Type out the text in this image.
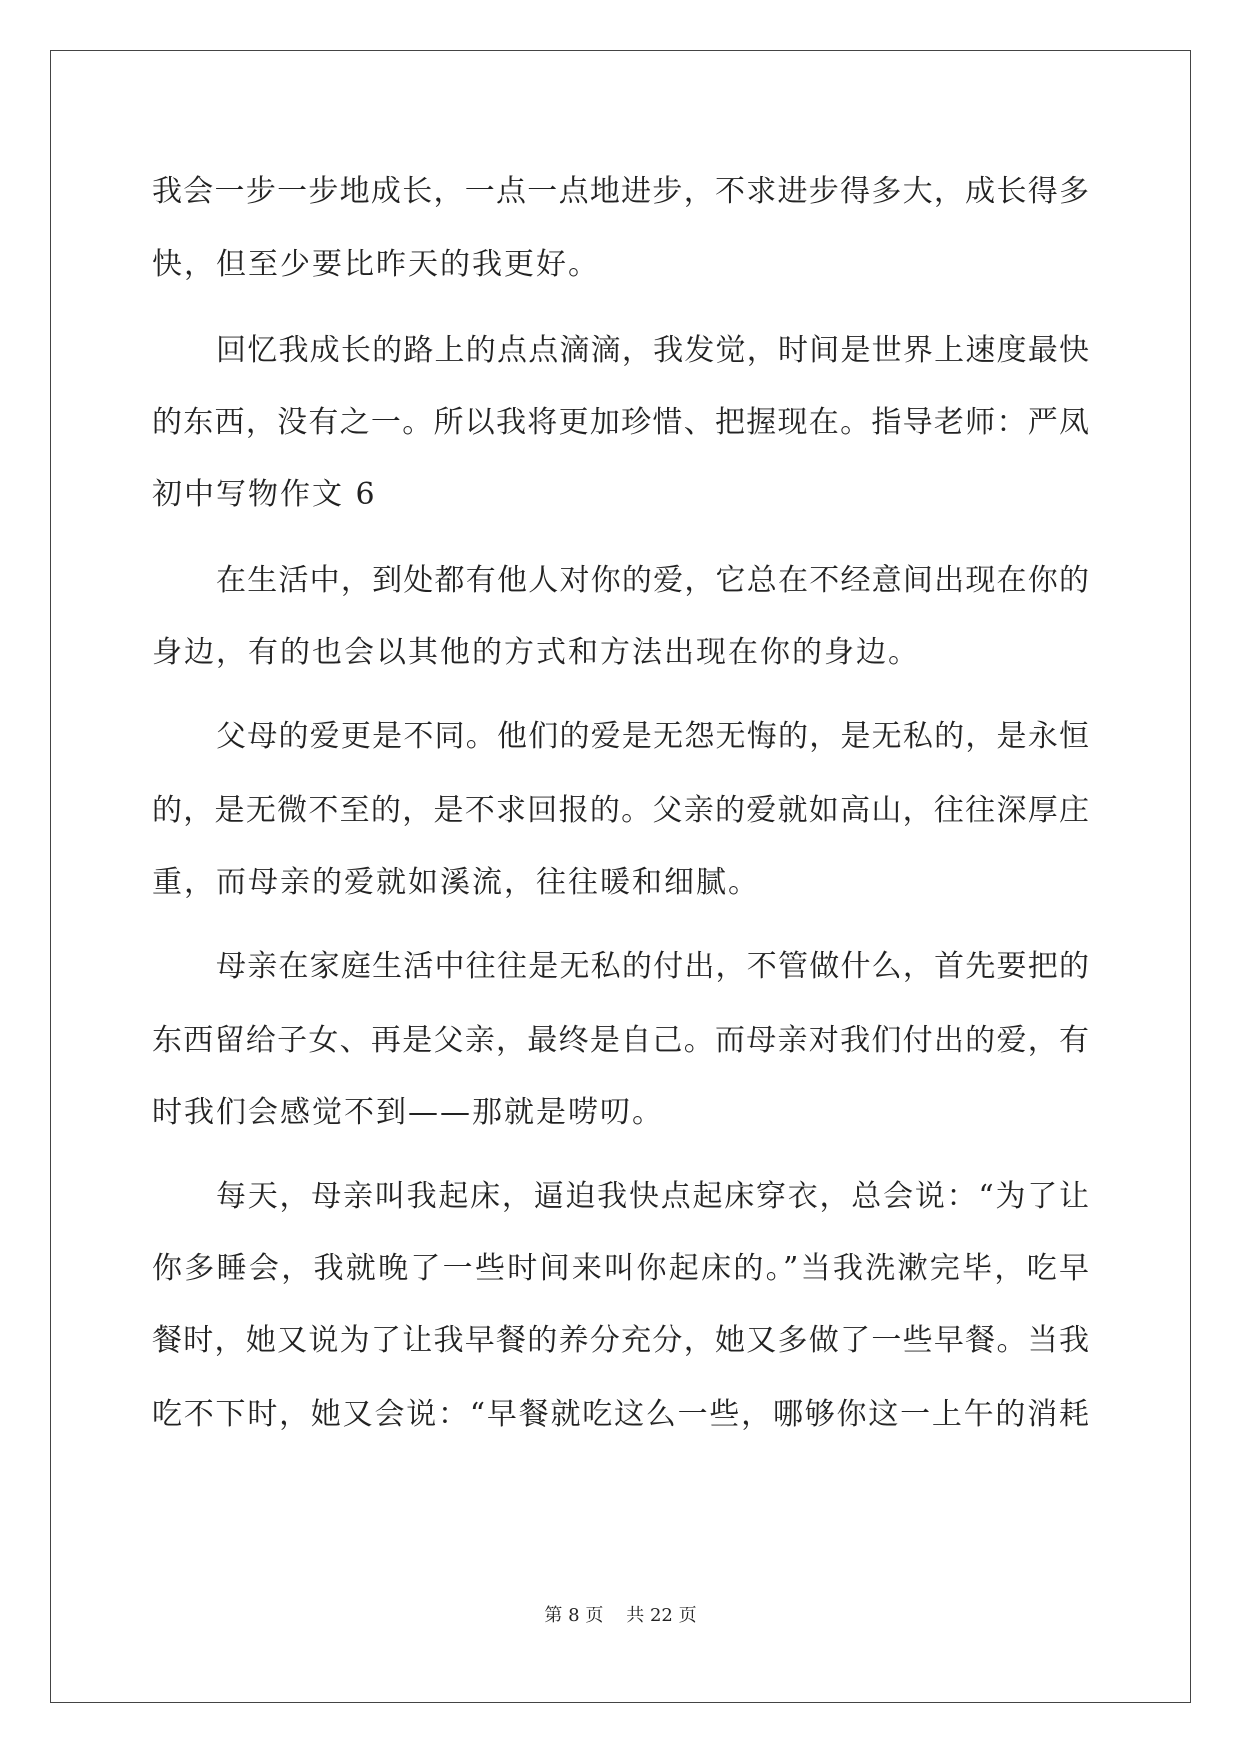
我会一步一步地成长，一点一点地进步，不求进步得多大，成长得多
快，但至少要比昨天的我更好。
回忆我成长的路上的点点滴滴，我发觉，时间是世界上速度最快
的东西，没有之一。所以我将更加珍惜、把握现在。指导老师：严凤
初中写物作文 6
在生活中，到处都有他人对你的爱，它总在不经意间出现在你的
身边，有的也会以其他的方式和方法出现在你的身边。
父母的爱更是不同。他们的爱是无怨无悔的，是无私的，是永恒
的，是无微不至的，是不求回报的。父亲的爱就如高山，往往深厚庄
重，而母亲的爱就如溪流，往往暖和细腻。
母亲在家庭生活中往往是无私的付出，不管做什么，首先要把的
东西留给子女、再是父亲，最终是自己。而母亲对我们付出的爱，有
时我们会感觉不到——那就是唠叨。
每天，母亲叫我起床，逼迫我快点起床穿衣，总会说：“为了让
你多睡会，我就晚了一些时间来叫你起床的。”当我洗漱完毕，吃早
餐时，她又说为了让我早餐的养分充分，她又多做了一些早餐。当我
吃不下时，她又会说：“早餐就吃这么一些，哪够你这一上午的消耗
第 8 页 共 22 页
